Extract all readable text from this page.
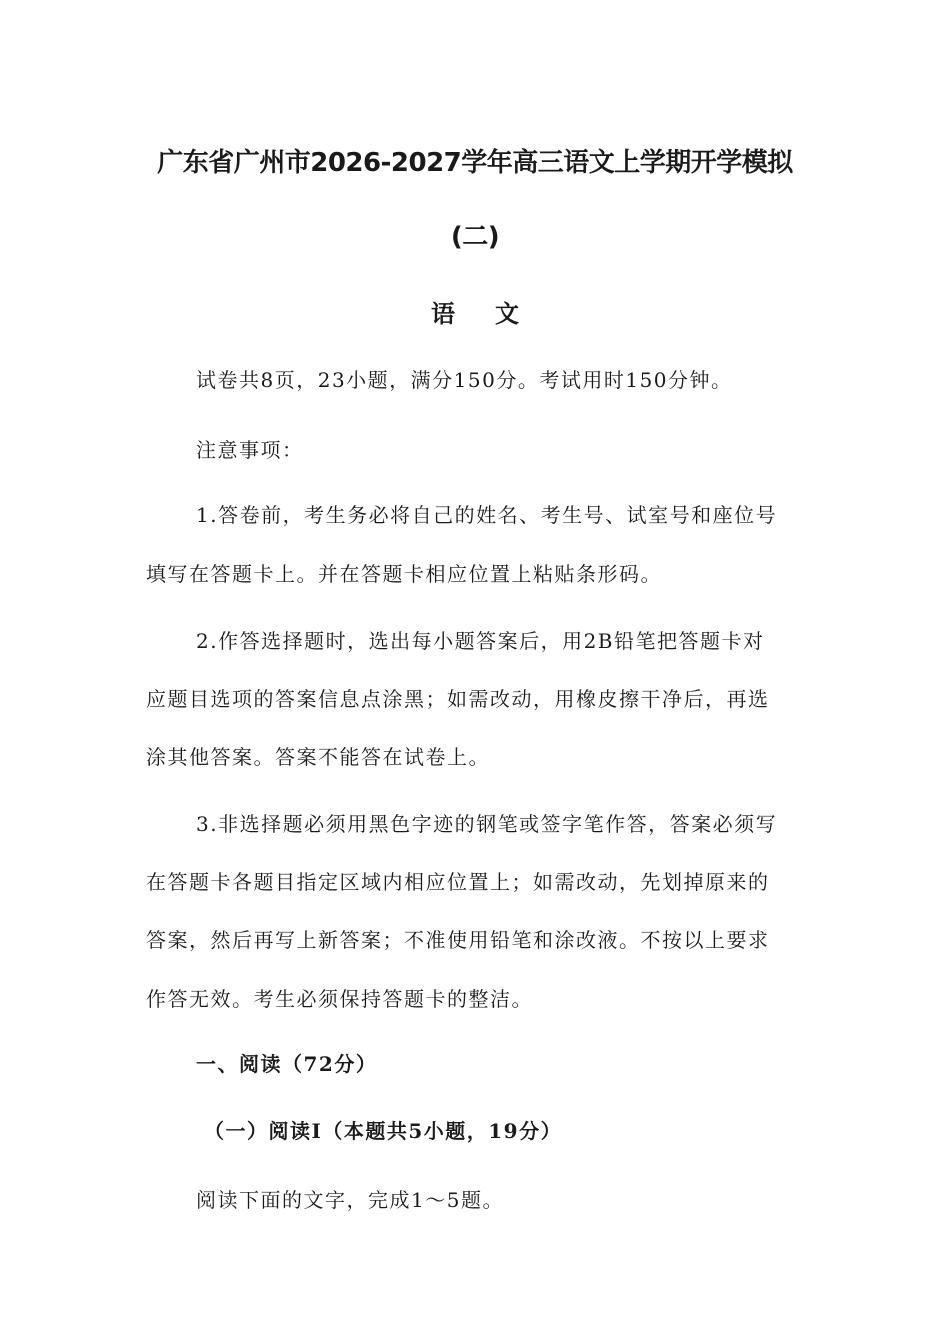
广东省广州市2026-2027学年高三语文上学期开学模拟
(二)
语文
试卷共8页，23小题，满分150分。考试用时150分钟。
注意事项：
1.答卷前，考生务必将自己的姓名、考生号、试室号和座位号
填写在答题卡上。并在答题卡相应位置上粘贴条形码。
2.作答选择题时，选出每小题答案后，用2B铅笔把答题卡对
应题目选项的答案信息点涂黑；如需改动，用橡皮擦干净后，再选
涂其他答案。答案不能答在试卷上。
3.非选择题必须用黑色字迹的钢笔或签字笔作答，答案必须写
在答题卡各题目指定区域内相应位置上；如需改动，先划掉原来的
答案，然后再写上新答案；不准使用铅笔和涂改液。不按以上要求
作答无效。考生必须保持答题卡的整洁。
一、阅读（72分）
（一）阅读I（本题共5小题，19分）
阅读下面的文字，完成1～5题。
